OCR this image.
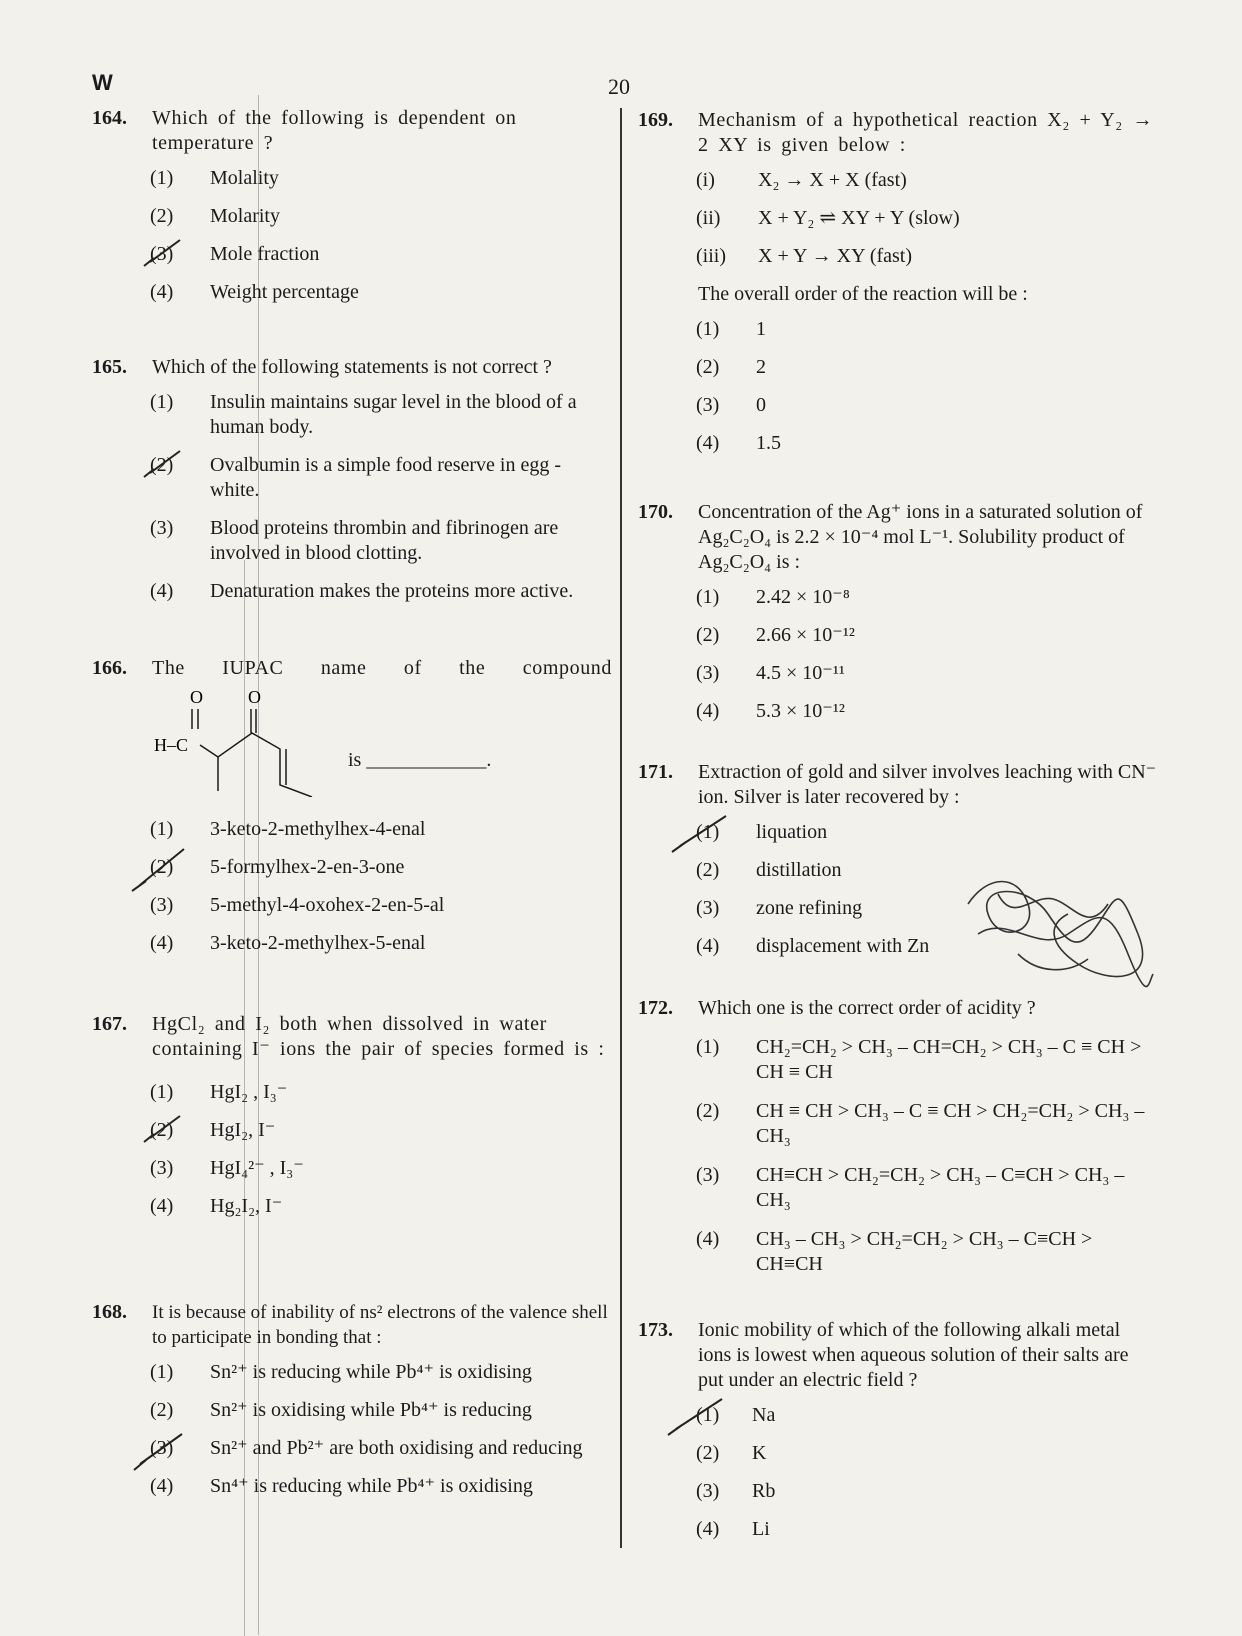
W	20
164. Which of the following is dependent on temperature ?
(1) Molality
(2) Molarity
(3) Mole fraction
(4) Weight percentage
165. Which of the following statements is not correct ?
(1) Insulin maintains sugar level in the blood of a human body.
(2) Ovalbumin is a simple food reserve in egg - white.
(3) Blood proteins thrombin and fibrinogen are involved in blood clotting.
(4) Denaturation makes the proteins more active.
166. The IUPAC name of the compound
O	O
H–C
is ____________.
(1) 3-keto-2-methylhex-4-enal
(2) 5-formylhex-2-en-3-one
(3) 5-methyl-4-oxohex-2-en-5-al
(4) 3-keto-2-methylhex-5-enal
167. HgCl₂ and I₂ both when dissolved in water containing I⁻ ions the pair of species formed is :
(1) HgI₂ , I₃⁻
(2) HgI₂, I⁻
(3) HgI₄²⁻ , I₃⁻
(4) Hg₂I₂, I⁻
168. It is because of inability of ns² electrons of the valence shell to participate in bonding that :
(1) Sn²⁺ is reducing while Pb⁴⁺ is oxidising
(2) Sn²⁺ is oxidising while Pb⁴⁺ is reducing
(3) Sn²⁺ and Pb²⁺ are both oxidising and reducing
(4) Sn⁴⁺ is reducing while Pb⁴⁺ is oxidising
169. Mechanism of a hypothetical reaction X₂ + Y₂ → 2 XY is given below :
(i) X₂ → X + X (fast)
(ii) X + Y₂ ⇌ XY + Y (slow)
(iii) X + Y → XY (fast)
The overall order of the reaction will be :
(1) 1
(2) 2
(3) 0
(4) 1.5
170. Concentration of the Ag⁺ ions in a saturated solution of Ag₂C₂O₄ is 2.2 × 10⁻⁴ mol L⁻¹. Solubility product of Ag₂C₂O₄ is :
(1) 2.42 × 10⁻⁸
(2) 2.66 × 10⁻¹²
(3) 4.5 × 10⁻¹¹
(4) 5.3 × 10⁻¹²
171. Extraction of gold and silver involves leaching with CN⁻ ion. Silver is later recovered by :
(1) liquation
(2) distillation
(3) zone refining
(4) displacement with Zn
172. Which one is the correct order of acidity ?
(1) CH₂=CH₂ > CH₃ – CH=CH₂ > CH₃ – C ≡ CH > CH ≡ CH
(2) CH ≡ CH > CH₃ – C ≡ CH > CH₂=CH₂ > CH₃ – CH₃
(3) CH≡CH > CH₂=CH₂ > CH₃ – C≡CH > CH₃ – CH₃
(4) CH₃ – CH₃ > CH₂=CH₂ > CH₃ – C≡CH > CH≡CH
173. Ionic mobility of which of the following alkali metal ions is lowest when aqueous solution of their salts are put under an electric field ?
(1) Na
(2) K
(3) Rb
(4) Li
